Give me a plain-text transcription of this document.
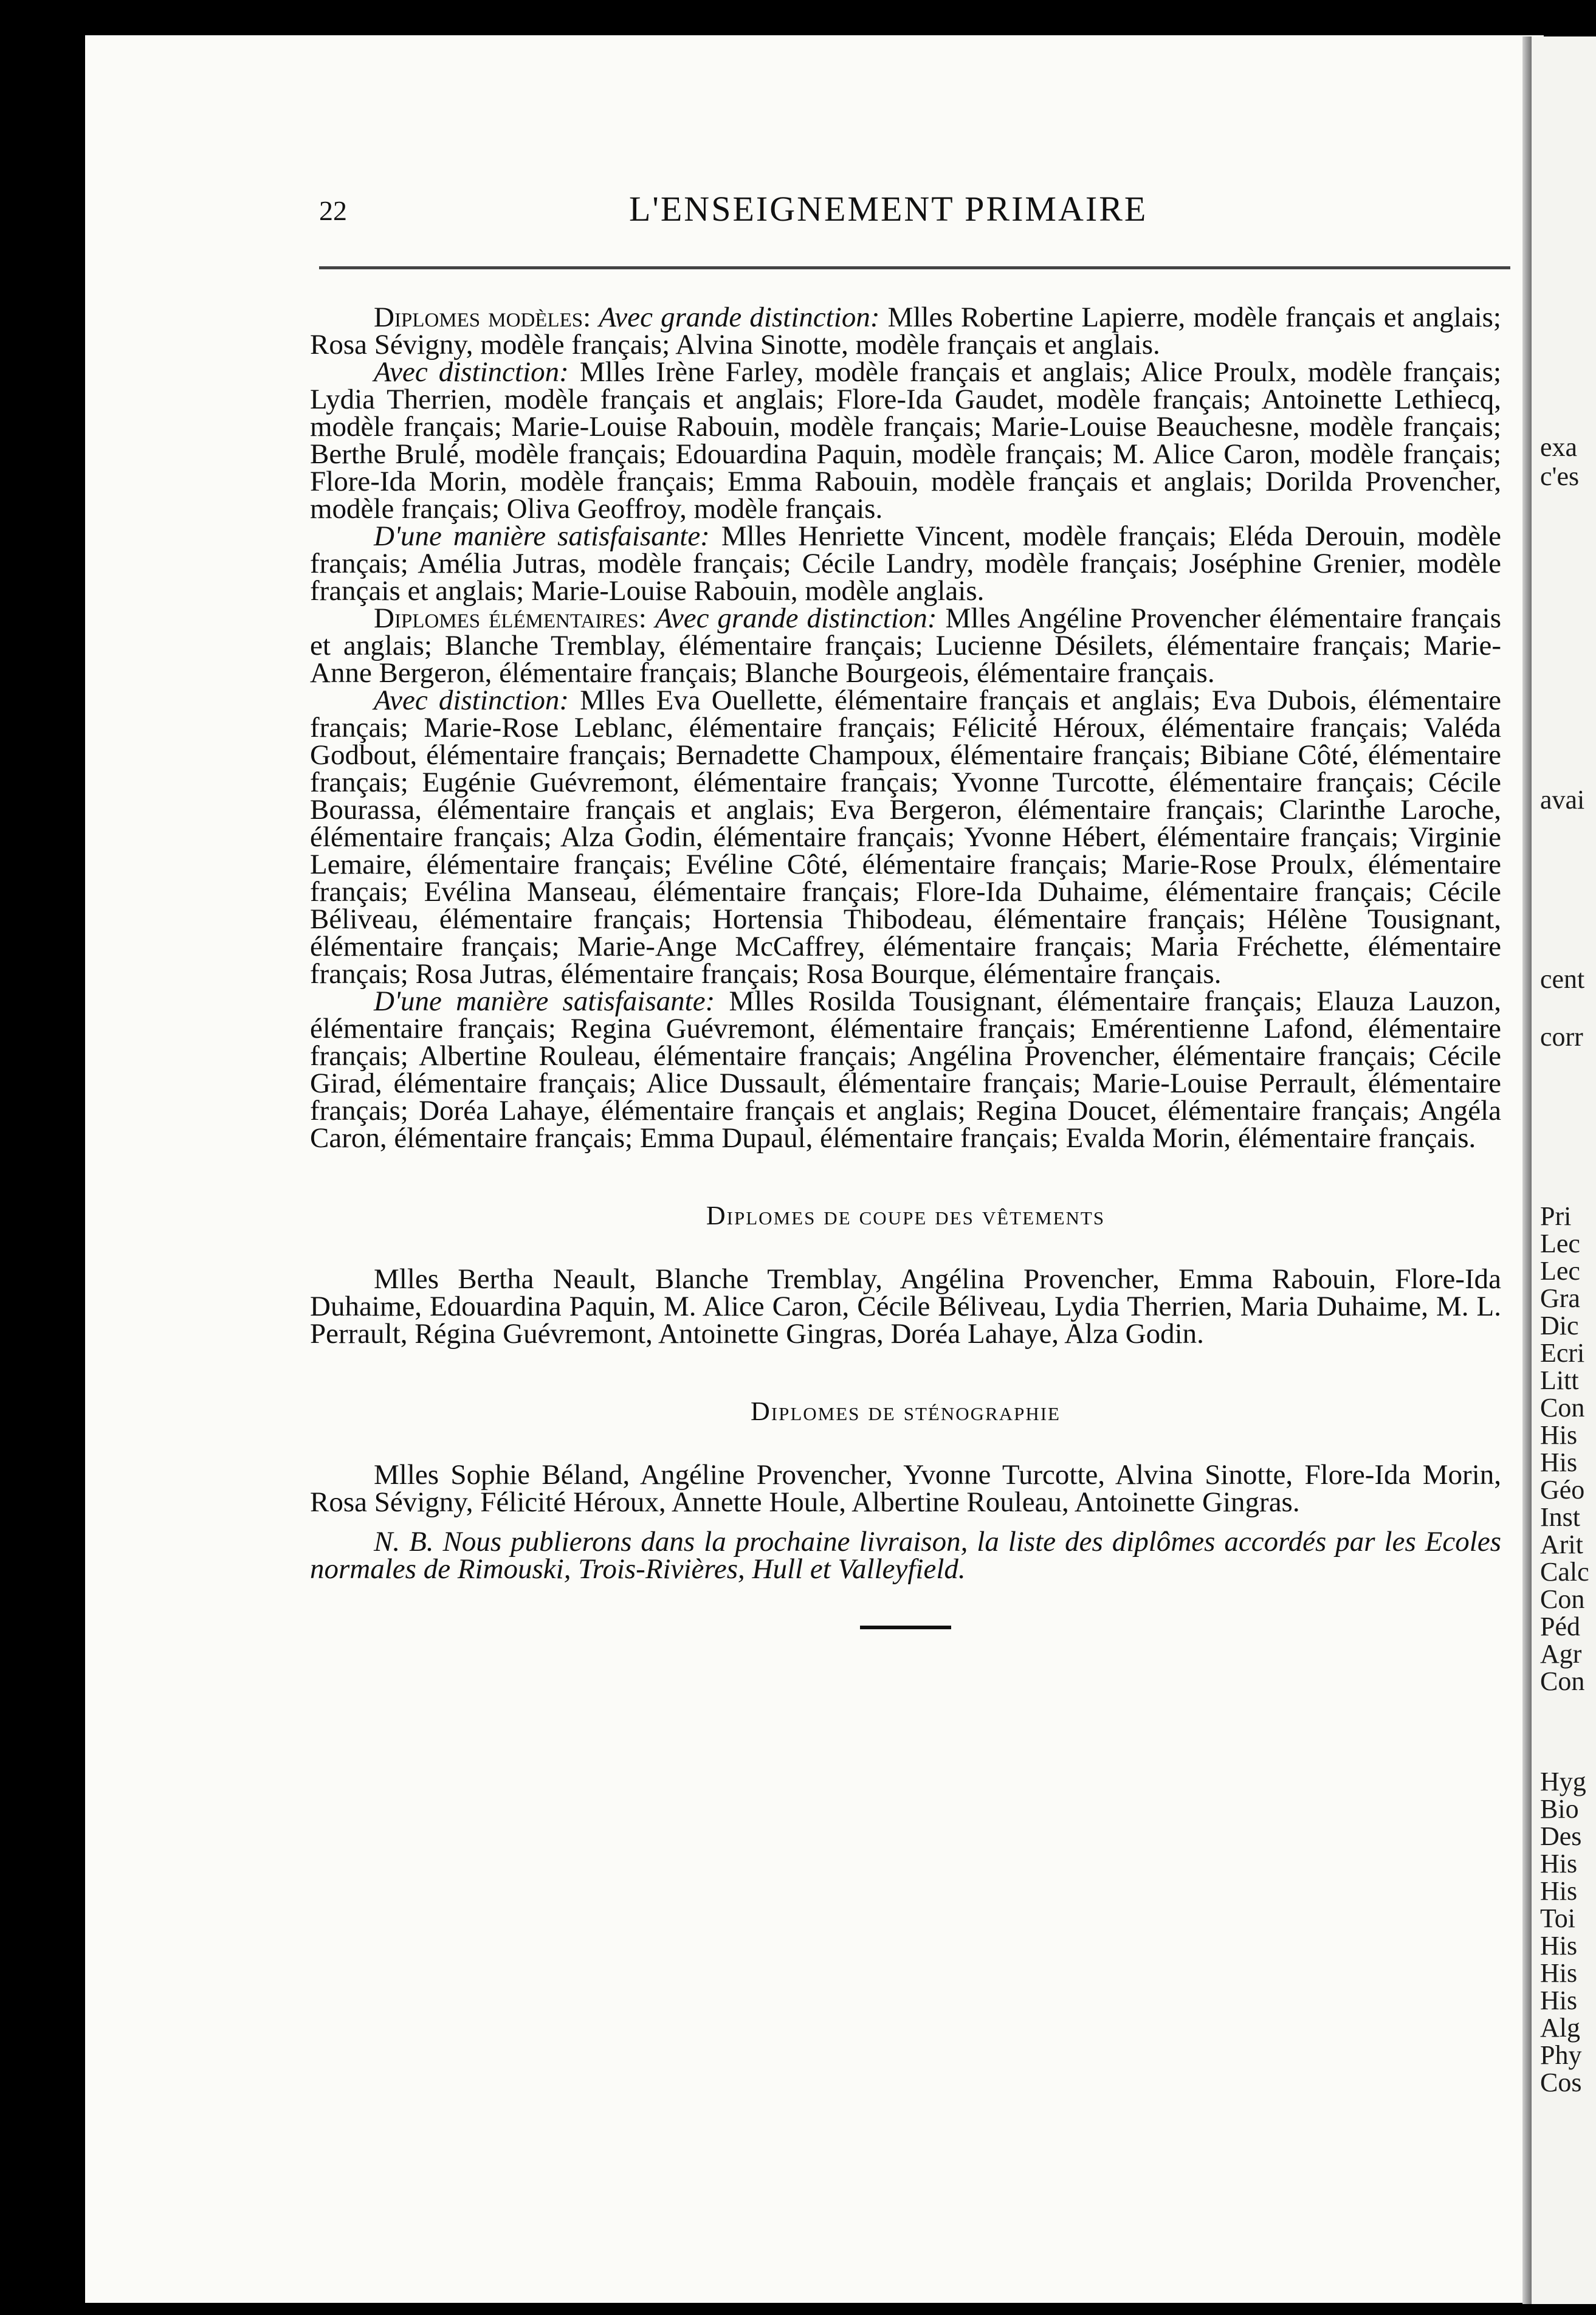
exa
c'es
avai
cent
corr
Pri
Lec
Lec
Gra
Dic
Ecri
Litt
Con
His
His
Géo
Inst
Arit
Calc
Con
Péd
Agr
Con
Hyg
Bio
Des
His
His
Toi
His
His
His
Alg
Phy
Cos
22	L'ENSEIGNEMENT PRIMAIRE

Diplomes modèles: Avec grande distinction: Mlles Robertine Lapierre, modèle français et anglais; Rosa Sévigny, modèle français; Alvina Sinotte, modèle français et anglais.

Avec distinction: Mlles Irène Farley, modèle français et anglais; Alice Proulx, modèle français; Lydia Therrien, modèle français et anglais; Flore-Ida Gaudet, modèle français; Antoinette Lethiecq, modèle français; Marie-Louise Rabouin, modèle français; Marie-Louise Beauchesne, modèle français; Berthe Brulé, modèle français; Edouardina Paquin, modèle français; M. Alice Caron, modèle français; Flore-Ida Morin, modèle français; Emma Rabouin, modèle français et anglais; Dorilda Provencher, modèle français; Oliva Geoffroy, modèle français.

D'une manière satisfaisante: Mlles Henriette Vincent, modèle français; Eléda Derouin, modèle français; Amélia Jutras, modèle français; Cécile Landry, modèle français; Joséphine Grenier, modèle français et anglais; Marie-Louise Rabouin, modèle anglais.

Diplomes élémentaires: Avec grande distinction: Mlles Angéline Provencher élémentaire français et anglais; Blanche Tremblay, élémentaire français; Lucienne Désilets, élémentaire français; Marie-Anne Bergeron, élémentaire français; Blanche Bourgeois, élémentaire français.

Avec distinction: Mlles Eva Ouellette, élémentaire français et anglais; Eva Dubois, élémentaire français; Marie-Rose Leblanc, élémentaire français; Félicité Héroux, élémentaire français; Valéda Godbout, élémentaire français; Bernadette Champoux, élémentaire français; Bibiane Côté, élémentaire français; Eugénie Guévremont, élémentaire français; Yvonne Turcotte, élémentaire français; Cécile Bourassa, élémentaire français et anglais; Eva Bergeron, élémentaire français; Clarinthe Laroche, élémentaire français; Alza Godin, élémentaire français; Yvonne Hébert, élémentaire français; Virginie Lemaire, élémentaire français; Evéline Côté, élémentaire français; Marie-Rose Proulx, élémentaire français; Evélina Manseau, élémentaire français; Flore-Ida Duhaime, élémentaire français; Cécile Béliveau, élémentaire français; Hortensia Thibodeau, élémentaire français; Hélène Tousignant, élémentaire français; Marie-Ange McCaffrey, élémentaire français; Maria Fréchette, élémentaire français; Rosa Jutras, élémentaire français; Rosa Bourque, élémentaire français.

D'une manière satisfaisante: Mlles Rosilda Tousignant, élémentaire français; Elauza Lauzon, élémentaire français; Regina Guévremont, élémentaire français; Emérentienne Lafond, élémentaire français; Albertine Rouleau, élémentaire français; Angélina Provencher, élémentaire français; Cécile Girad, élémentaire français; Alice Dussault, élémentaire français; Marie-Louise Perrault, élémentaire français; Doréa Lahaye, élémentaire français et anglais; Regina Doucet, élémentaire français; Angéla Caron, élémentaire français; Emma Dupaul, élémentaire français; Evalda Morin, élémentaire français.

Diplomes de coupe des vêtements

Mlles Bertha Neault, Blanche Tremblay, Angélina Provencher, Emma Rabouin, Flore-Ida Duhaime, Edouardina Paquin, M. Alice Caron, Cécile Béliveau, Lydia Therrien, Maria Duhaime, M. L. Perrault, Régina Guévremont, Antoinette Gingras, Doréa Lahaye, Alza Godin.

Diplomes de sténographie

Mlles Sophie Béland, Angéline Provencher, Yvonne Turcotte, Alvina Sinotte, Flore-Ida Morin, Rosa Sévigny, Félicité Héroux, Annette Houle, Albertine Rouleau, Antoinette Gingras.

N. B. Nous publierons dans la prochaine livraison, la liste des diplômes accordés par les Ecoles normales de Rimouski, Trois-Rivières, Hull et Valleyfield.
